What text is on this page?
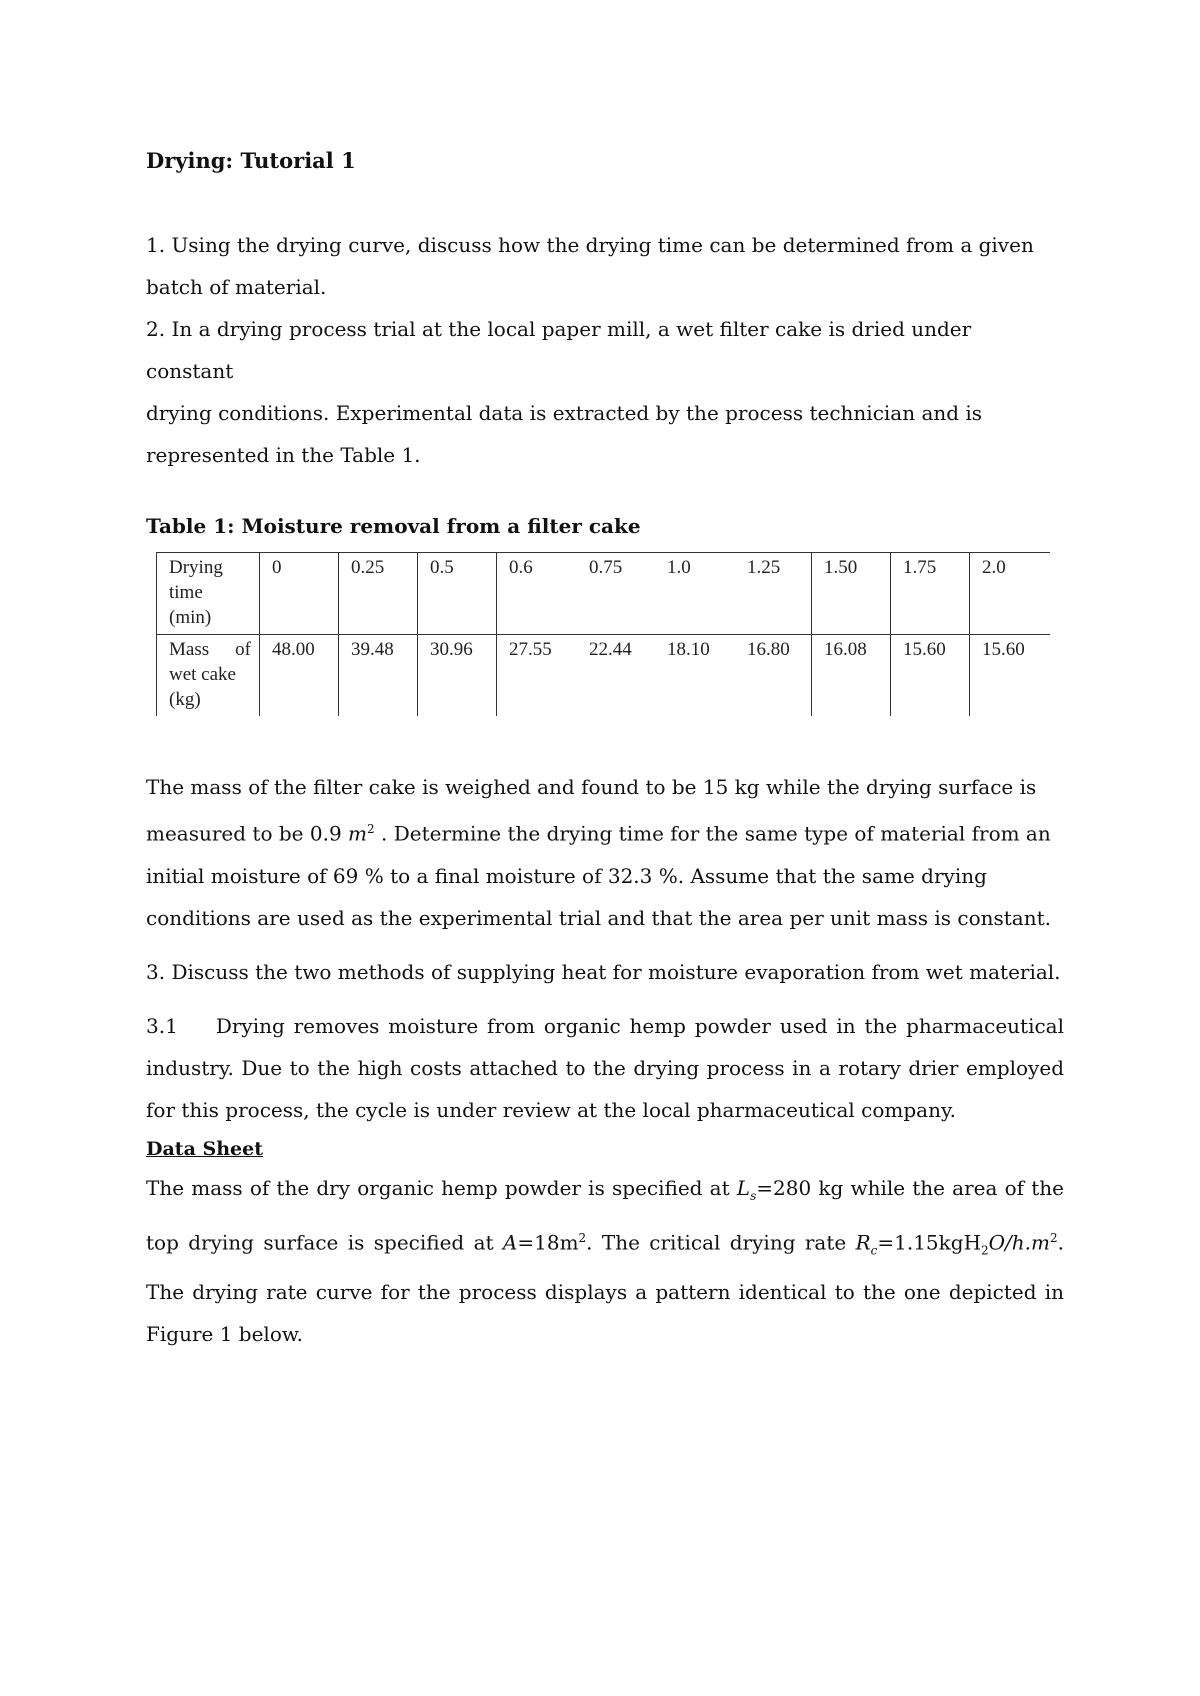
Drying: Tutorial 1

1. Using the drying curve, discuss how the drying time can be determined from a given

batch of material.

2. In a drying process trial at the local paper mill, a wet filter cake is dried under constant

drying conditions. Experimental data is extracted by the process technician and is

represented in the Table 1.

Table 1: Moisture removal from a filter cake

Drying
time
(min)	0	0.25	0.5	0.6	0.75	1.0	1.25	1.50	1.75	2.0

Mass of
wet cake
(kg)	48.00	39.48	30.96	27.55	22.44	18.10	16.80	16.08	15.60	15.60

The mass of the filter cake is weighed and found to be 15 kg while the drying surface is

measured to be 0.9 $m^2$ . Determine the drying time for the same type of material from an

initial moisture of 69 % to a final moisture of 32.3 %. Assume that the same drying

conditions are used as the experimental trial and that the area per unit mass is constant.

3. Discuss the two methods of supplying heat for moisture evaporation from wet material.

3.1 Drying removes moisture from organic hemp powder used in the pharmaceutical industry. Due to the high costs attached to the drying process in a rotary drier employed for this process, the cycle is under review at the local pharmaceutical company.

Data Sheet

The mass of the dry organic hemp powder is specified at $L_s=280$ kg while the area of the top drying surface is specified at $A=18m^2$. The critical drying rate $R_c=1.15kgH_2O/h.m^2$. The drying rate curve for the process displays a pattern identical to the one depicted in Figure 1 below.
